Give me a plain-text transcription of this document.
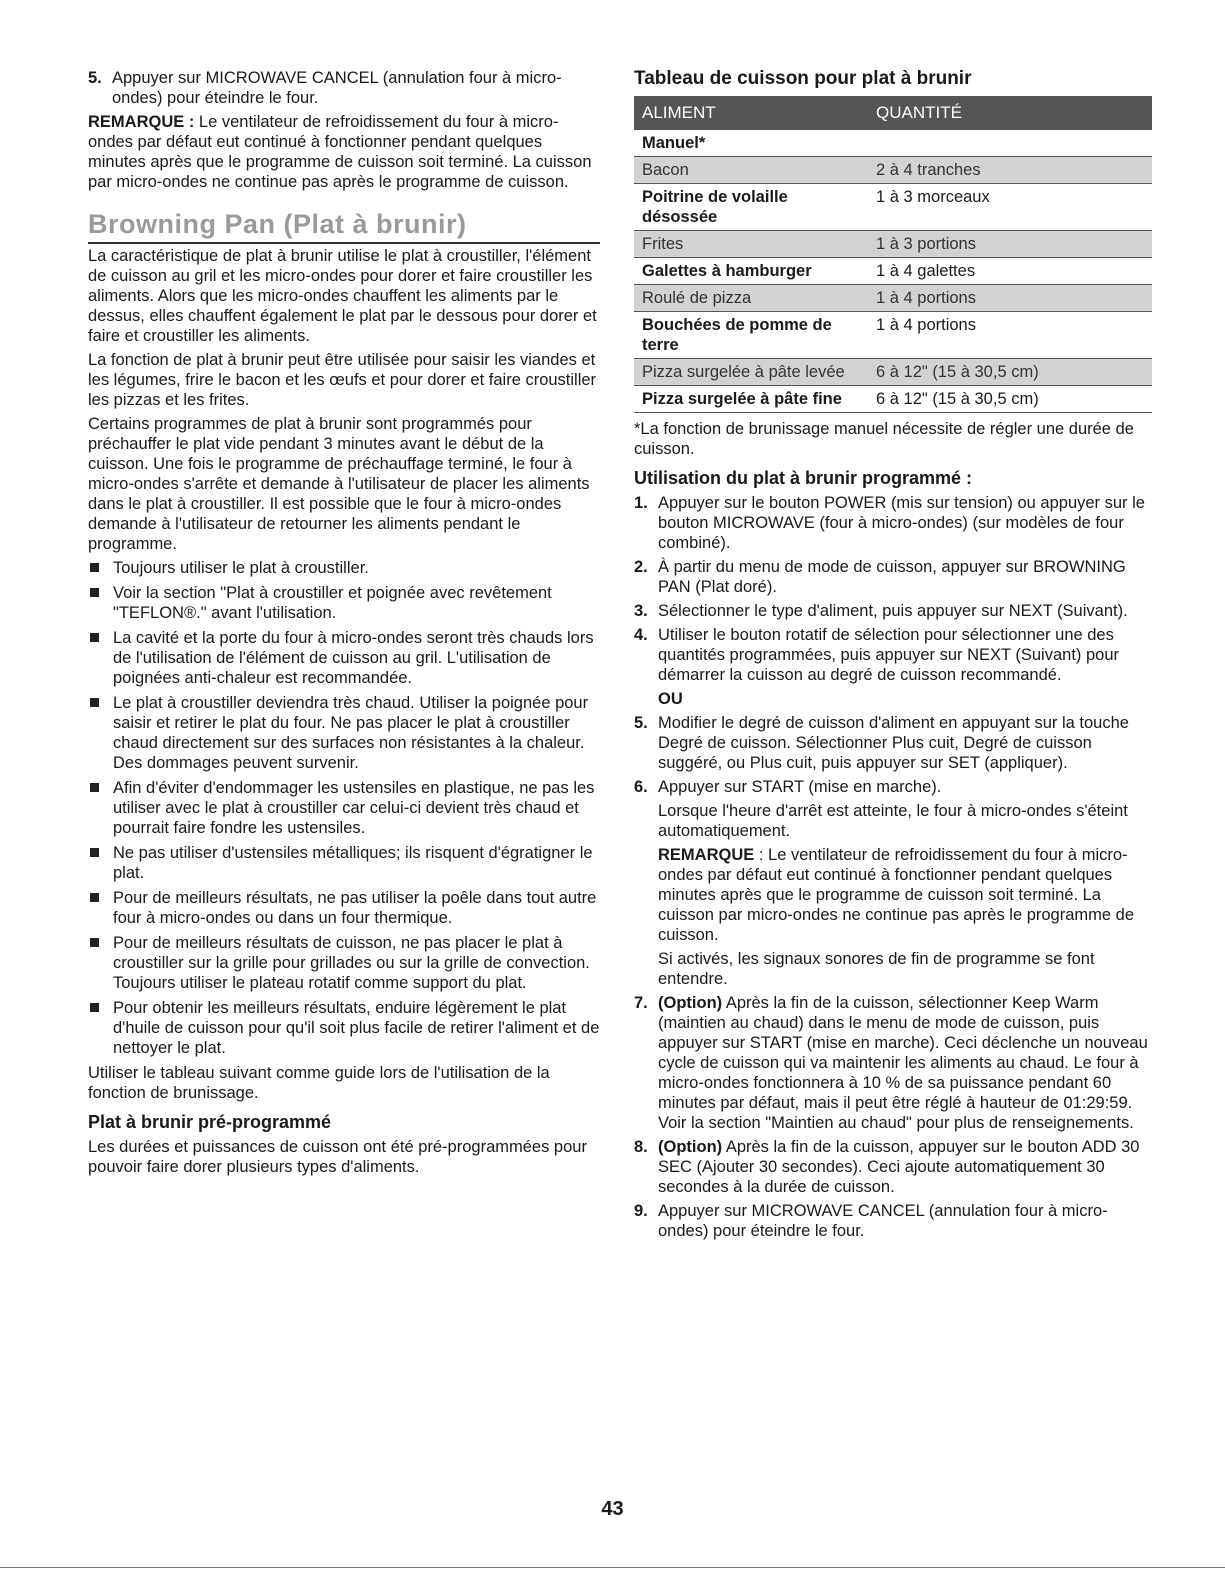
5. Appuyer sur MICROWAVE CANCEL (annulation four à micro-ondes) pour éteindre le four.

REMARQUE : Le ventilateur de refroidissement du four à micro-ondes par défaut eut continué à fonctionner pendant quelques minutes après que le programme de cuisson soit terminé. La cuisson par micro-ondes ne continue pas après le programme de cuisson.

Browning Pan (Plat à brunir)

La caractéristique de plat à brunir utilise le plat à croustiller, l'élément de cuisson au gril et les micro-ondes pour dorer et faire croustiller les aliments. Alors que les micro-ondes chauffent les aliments par le dessus, elles chauffent également le plat par le dessous pour dorer et faire et croustiller les aliments.

La fonction de plat à brunir peut être utilisée pour saisir les viandes et les légumes, frire le bacon et les œufs et pour dorer et faire croustiller les pizzas et les frites.

Certains programmes de plat à brunir sont programmés pour préchauffer le plat vide pendant 3 minutes avant le début de la cuisson. Une fois le programme de préchauffage terminé, le four à micro-ondes s'arrête et demande à l'utilisateur de placer les aliments dans le plat à croustiller. Il est possible que le four à micro-ondes demande à l'utilisateur de retourner les aliments pendant le programme.

Toujours utiliser le plat à croustiller.
Voir la section "Plat à croustiller et poignée avec revêtement "TEFLON®." avant l'utilisation.
La cavité et la porte du four à micro-ondes seront très chauds lors de l'utilisation de l'élément de cuisson au gril. L'utilisation de poignées anti-chaleur est recommandée.
Le plat à croustiller deviendra très chaud. Utiliser la poignée pour saisir et retirer le plat du four. Ne pas placer le plat à croustiller chaud directement sur des surfaces non résistantes à la chaleur. Des dommages peuvent survenir.
Afin d'éviter d'endommager les ustensiles en plastique, ne pas les utiliser avec le plat à croustiller car celui-ci devient très chaud et pourrait faire fondre les ustensiles.
Ne pas utiliser d'ustensiles métalliques; ils risquent d'égratigner le plat.
Pour de meilleurs résultats, ne pas utiliser la poêle dans tout autre four à micro-ondes ou dans un four thermique.
Pour de meilleurs résultats de cuisson, ne pas placer le plat à croustiller sur la grille pour grillades ou sur la grille de convection. Toujours utiliser le plateau rotatif comme support du plat.
Pour obtenir les meilleurs résultats, enduire légèrement le plat d'huile de cuisson pour qu'il soit plus facile de retirer l'aliment et de nettoyer le plat.

Utiliser le tableau suivant comme guide lors de l'utilisation de la fonction de brunissage.

Plat à brunir pré-programmé

Les durées et puissances de cuisson ont été pré-programmées pour pouvoir faire dorer plusieurs types d'aliments.

Tableau de cuisson pour plat à brunir
ALIMENT	QUANTITÉ
Manuel*	
Bacon	2 à 4 tranches
Poitrine de volaille désossée	1 à 3 morceaux
Frites	1 à 3 portions
Galettes à hamburger	1 à 4 galettes
Roulé de pizza	1 à 4 portions
Bouchées de pomme de terre	1 à 4 portions
Pizza surgelée à pâte levée	6 à 12" (15 à 30,5 cm)
Pizza surgelée à pâte fine	6 à 12" (15 à 30,5 cm)

*La fonction de brunissage manuel nécessite de régler une durée de cuisson.

Utilisation du plat à brunir programmé :
1. Appuyer sur le bouton POWER (mis sur tension) ou appuyer sur le bouton MICROWAVE (four à micro-ondes) (sur modèles de four combiné).
2. À partir du menu de mode de cuisson, appuyer sur BROWNING PAN (Plat doré).
3. Sélectionner le type d'aliment, puis appuyer sur NEXT (Suivant).
4. Utiliser le bouton rotatif de sélection pour sélectionner une des quantités programmées, puis appuyer sur NEXT (Suivant) pour démarrer la cuisson au degré de cuisson recommandé.
OU
5. Modifier le degré de cuisson d'aliment en appuyant sur la touche Degré de cuisson. Sélectionner Plus cuit, Degré de cuisson suggéré, ou Plus cuit, puis appuyer sur SET (appliquer).
6. Appuyer sur START (mise en marche).

Lorsque l'heure d'arrêt est atteinte, le four à micro-ondes s'éteint automatiquement.

REMARQUE : Le ventilateur de refroidissement du four à micro-ondes par défaut eut continué à fonctionner pendant quelques minutes après que le programme de cuisson soit terminé. La cuisson par micro-ondes ne continue pas après le programme de cuisson.

Si activés, les signaux sonores de fin de programme se font entendre.

7. (Option) Après la fin de la cuisson, sélectionner Keep Warm (maintien au chaud) dans le menu de mode de cuisson, puis appuyer sur START (mise en marche). Ceci déclenche un nouveau cycle de cuisson qui va maintenir les aliments au chaud. Le four à micro-ondes fonctionnera à 10 % de sa puissance pendant 60 minutes par défaut, mais il peut être réglé à hauteur de 01:29:59. Voir la section "Maintien au chaud" pour plus de renseignements.
8. (Option) Après la fin de la cuisson, appuyer sur le bouton ADD 30 SEC (Ajouter 30 secondes). Ceci ajoute automatiquement 30 secondes à la durée de cuisson.
9. Appuyer sur MICROWAVE CANCEL (annulation four à micro-ondes) pour éteindre le four.
43
